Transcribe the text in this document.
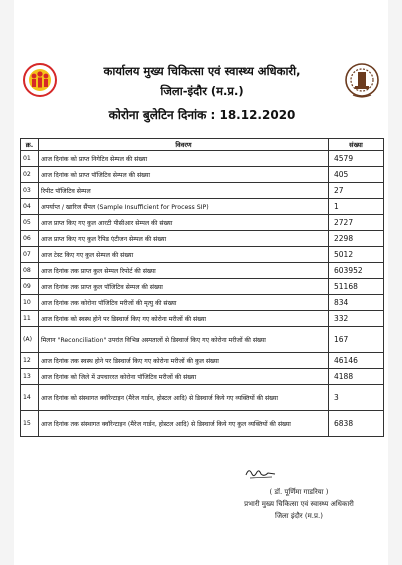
कार्यालय मुख्य चिकित्सा एवं स्वास्थ्य अधिकारी,
जिला-इंदौर (म.प्र.)
कोरोना बुलेटिन दिनांक : 18.12.2020
क्र.	विवरण	संख्या
01	आज दिनांक को प्राप्त निगेटिव सेम्पल की संख्या	4579
02	आज दिनांक को प्राप्त पॉजिटिव सेम्पल की संख्या	405
03	रिपीट पॉजिटिव सेम्पल	27
04	अपर्याप्त / खारिज सैंपल (Sample Insufficient for Process SIP)	1
05	आज प्राप्त किए गए कुल आरटी पीसीआर सेम्पल की संख्या	2727
06	आज प्राप्त किए गए कुल रैपिड एंटीजन सेम्पल की संख्या	2298
07	आज टेस्ट किए गए कुल सेम्पल की संख्या	5012
08	आज दिनांक तक प्राप्त कुल सेम्पल रिपोर्ट की संख्या	603952
09	आज दिनांक तक प्राप्त कुल पॉजिटिव सेम्पल की संख्या	51168
10	आज दिनांक तक कोरोना पॉजिटिव मरीजों की मृत्यु की संख्या	834
11	आज दिनांक को स्वस्थ होने पर डिस्चार्ज किए गए कोरोना मरीजों की संख्या	332
(A)	मिलान "Reconciliation" उपरांत विभिन्न अस्पतालों से डिस्चार्ज किए गए कोरोना मरीजों की संख्या	167
12	आज दिनांक तक स्वस्थ होने पर डिस्चार्ज किए गए कोरोना मरीजों की कुल संख्या	46146
13	आज दिनांक को जिले में उपचाररत कोरोना पॉजिटिव मरीजों की संख्या	4188
14	आज दिनांक को संस्थागत क्वॉरेन्टाइन (मैरेज गार्डन, होस्टल आदि) से डिस्चार्ज किये गए व्यक्तियों की संख्या	3
15	आज दिनांक तक संस्थागत क्वॉरेन्टाइन (मैरेज गार्डन, होस्टल आदि) से डिस्चार्ज किये गए कुल व्यक्तियों की संख्या	6838
( डॉ. पूर्णिमा गाडरिया )
प्रभारी मुख्य चिकित्सा एवं स्वास्थ्य अधिकारी
जिला इंदौर (म.प्र.)
